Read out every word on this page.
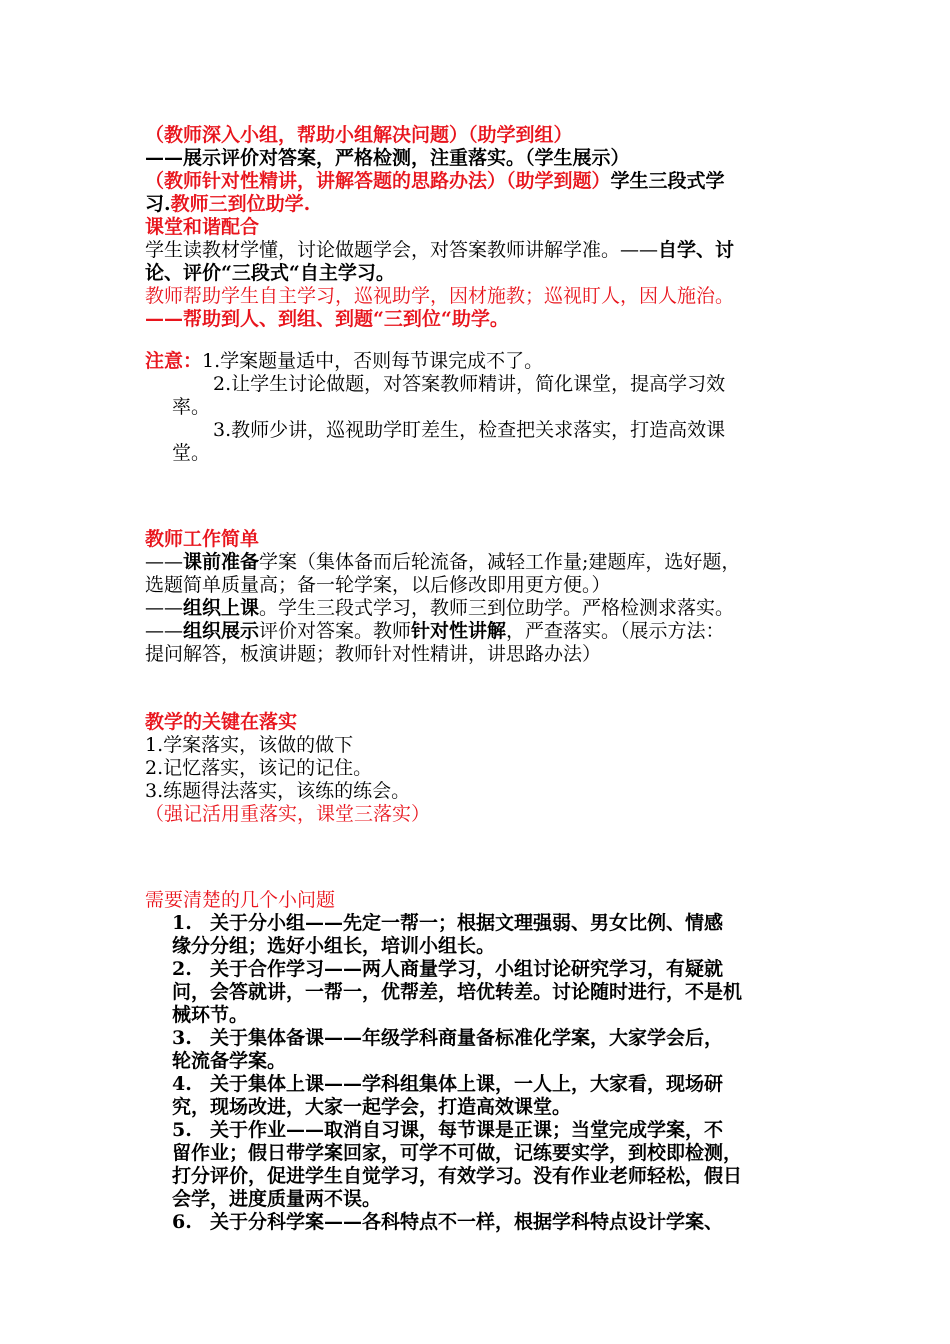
（教师深入小组，帮助小组解决问题）（助学到组）
——展示评价对答案，严格检测，注重落实。（学生展示）
（教师针对性精讲，讲解答题的思路办法）（助学到题）学生三段式学
习.教师三到位助学.
课堂和谐配合
学生读教材学懂，讨论做题学会，对答案教师讲解学准。——自学、讨
论、评价“三段式“自主学习。
教师帮助学生自主学习，巡视助学，因材施教；巡视盯人，因人施治。
——帮助到人、到组、到题“三到位“助学。
注意：1.学案题量适中，否则每节课完成不了。
2.让学生讨论做题，对答案教师精讲，简化课堂，提高学习效
率。
3.教师少讲，巡视助学盯差生，检查把关求落实，打造高效课
堂。
教师工作简单
——课前准备学案（集体备而后轮流备，减轻工作量;建题库，选好题，
选题简单质量高；备一轮学案，以后修改即用更方便。）
——组织上课。学生三段式学习，教师三到位助学。严格检测求落实。
——组织展示评价对答案。教师针对性讲解，严查落实。（展示方法：
提问解答，板演讲题；教师针对性精讲，讲思路办法）
教学的关键在落实
1.学案落实，该做的做下
2.记忆落实，该记的记住。
3.练题得法落实，该练的练会。
（强记活用重落实，课堂三落实）
需要清楚的几个小问题
1. 关于分小组——先定一帮一；根据文理强弱、男女比例、情感
缘分分组；选好小组长，培训小组长。
2. 关于合作学习——两人商量学习，小组讨论研究学习，有疑就
问，会答就讲，一帮一，优帮差，培优转差。讨论随时进行，不是机
械环节。
3. 关于集体备课——年级学科商量备标准化学案，大家学会后，
轮流备学案。
4. 关于集体上课——学科组集体上课，一人上，大家看，现场研
究，现场改进，大家一起学会，打造高效课堂。
5. 关于作业——取消自习课，每节课是正课；当堂完成学案，不
留作业；假日带学案回家，可学不可做，记练要实学，到校即检测，
打分评价，促进学生自觉学习，有效学习。没有作业老师轻松，假日
会学，进度质量两不误。
6. 关于分科学案——各科特点不一样，根据学科特点设计学案、
